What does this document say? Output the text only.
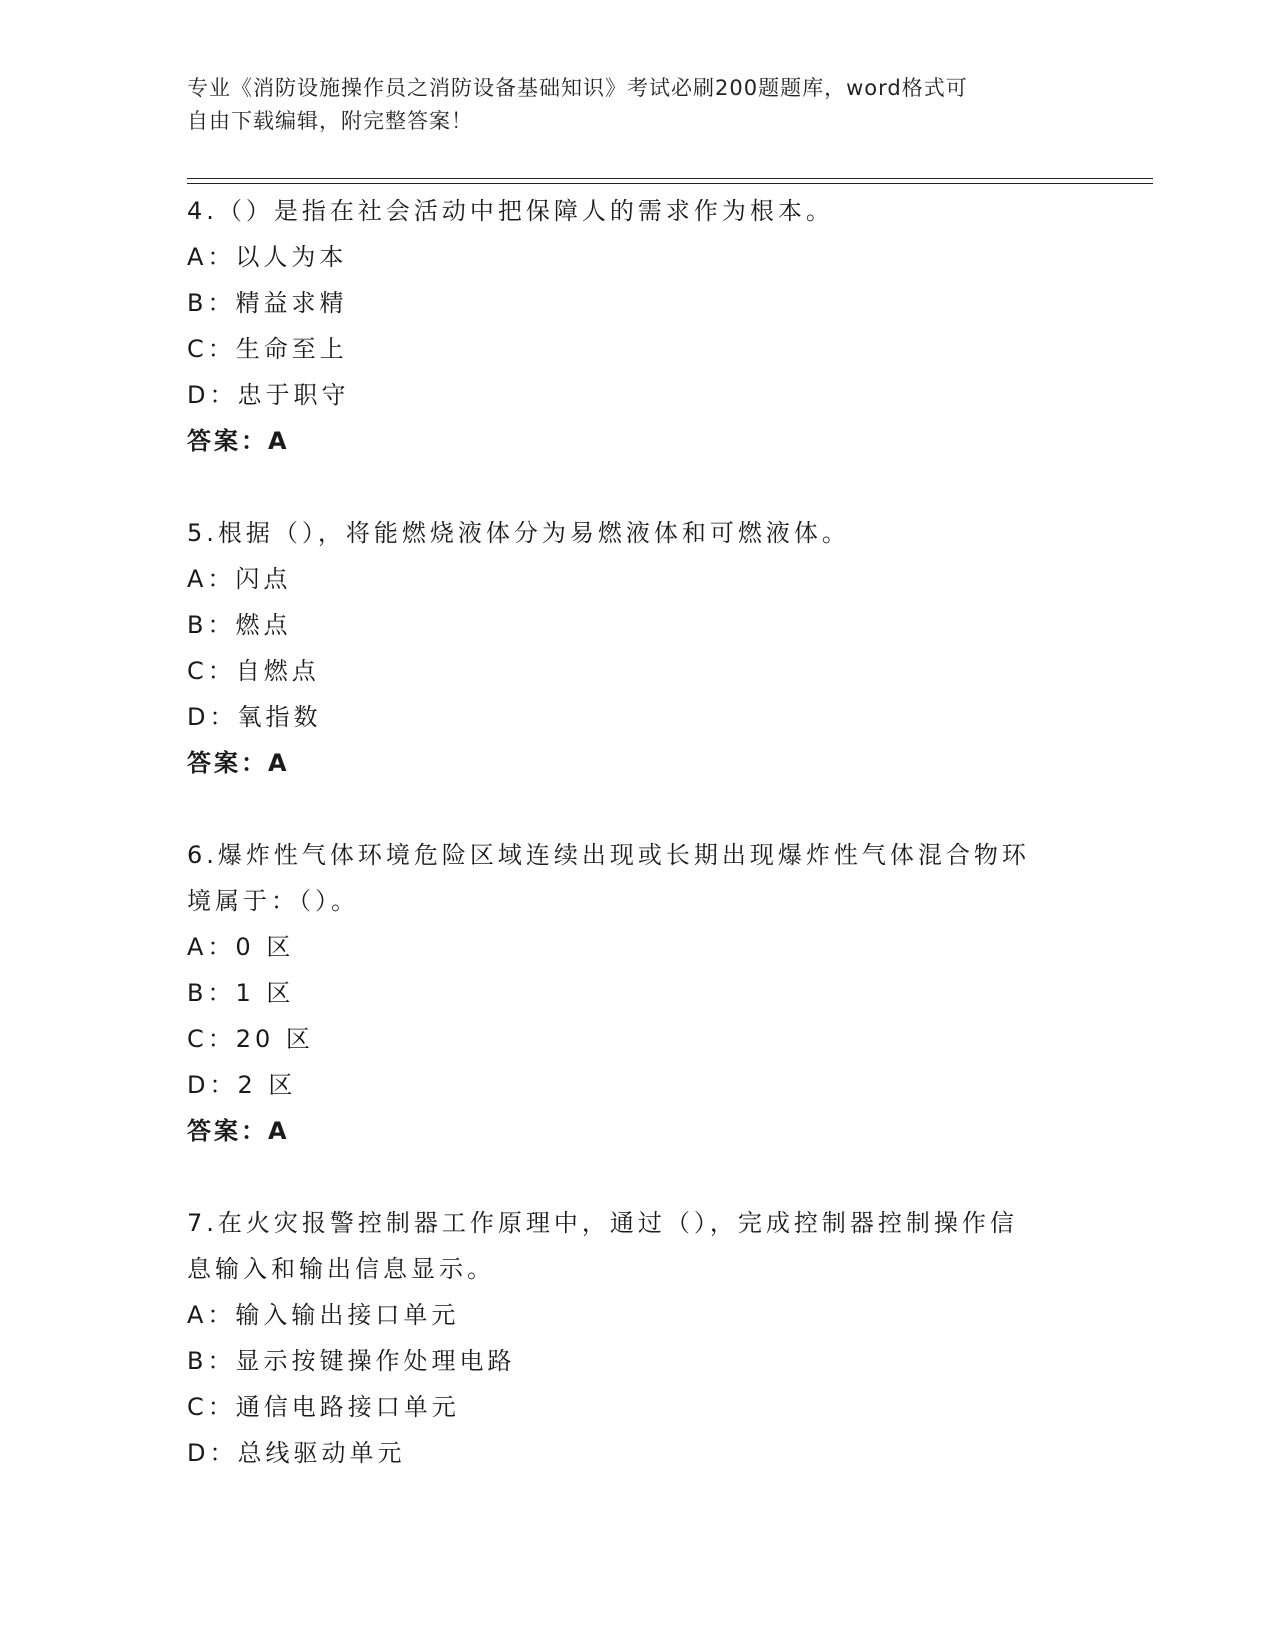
专业《消防设施操作员之消防设备基础知识》考试必刷200题题库，word格式可
自由下载编辑，附完整答案！

4.（）是指在社会活动中把保障人的需求作为根本。

A：以人为本

B：精益求精

C：生命至上

D：忠于职守

答案：A

5.根据（），将能燃烧液体分为易燃液体和可燃液体。

A：闪点

B：燃点

C：自燃点

D：氧指数

答案：A

6.爆炸性气体环境危险区域连续出现或长期出现爆炸性气体混合物环

境属于：（）。

A：0 区

B：1 区

C：20 区

D：2 区

答案：A

7.在火灾报警控制器工作原理中，通过（），完成控制器控制操作信

息输入和输出信息显示。

A：输入输出接口单元

B：显示按键操作处理电路

C：通信电路接口单元

D：总线驱动单元
